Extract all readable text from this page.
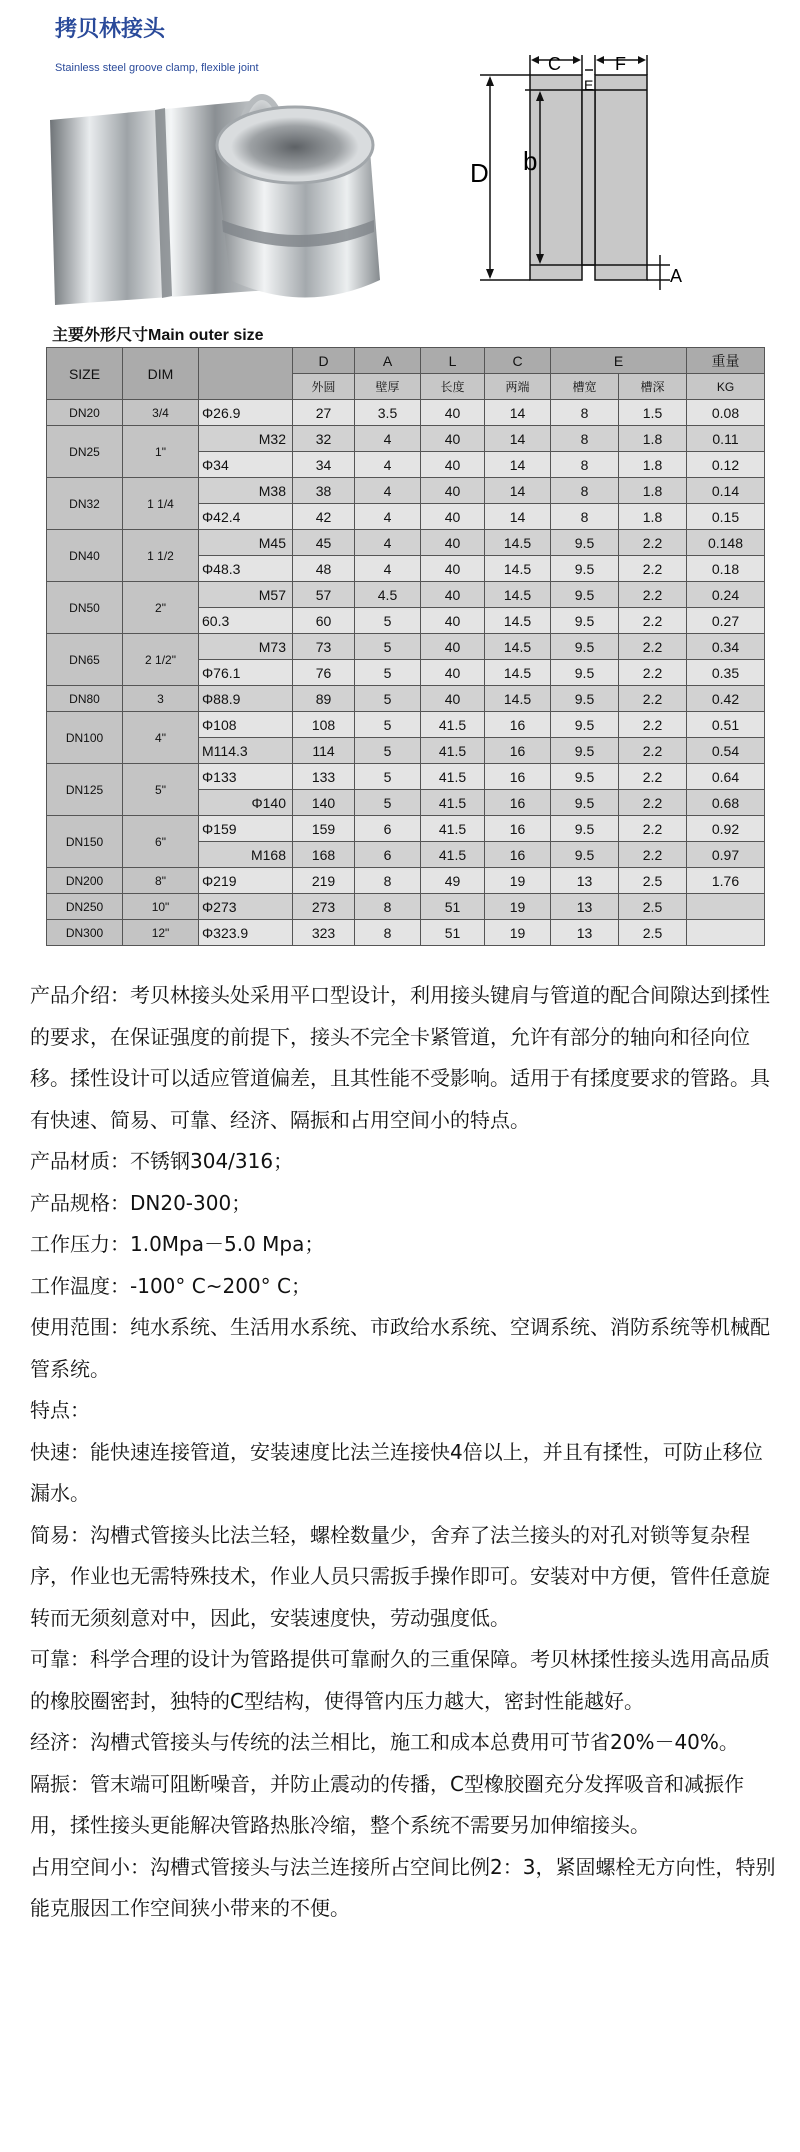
拷贝林接头
Stainless steel groove clamp, flexible joint
D b
C
E
F
A
主要外形尺寸Main outer size
SIZE	DIM		D	A	L	C	E		重量
			外圆	壁厚	长度	两端	槽宽	槽深	KG
DN20	3/4	Φ26.9	27	3.5	40	14	8	1.5	0.08
DN25	1"	M32	32	4	40	14	8	1.8	0.11
		Φ34	34	4	40	14	8	1.8	0.12
DN32	1 1/4	M38	38	4	40	14	8	1.8	0.14
		Φ42.4	42	4	40	14	8	1.8	0.15
DN40	1 1/2	M45	45	4	40	14.5	9.5	2.2	0.148
		Φ48.3	48	4	40	14.5	9.5	2.2	0.18
DN50	2"	M57	57	4.5	40	14.5	9.5	2.2	0.24
		60.3	60	5	40	14.5	9.5	2.2	0.27
DN65	2 1/2"	M73	73	5	40	14.5	9.5	2.2	0.34
		Φ76.1	76	5	40	14.5	9.5	2.2	0.35
DN80	3	Φ88.9	89	5	40	14.5	9.5	2.2	0.42
DN100	4"	Φ108	108	5	41.5	16	9.5	2.2	0.51
		M114.3	114	5	41.5	16	9.5	2.2	0.54
DN125	5"	Φ133	133	5	41.5	16	9.5	2.2	0.64
		Φ140	140	5	41.5	16	9.5	2.2	0.68
DN150	6"	Φ159	159	6	41.5	16	9.5	2.2	0.92
		M168	168	6	41.5	16	9.5	2.2	0.97
DN200	8"	Φ219	219	8	49	19	13	2.5	1.76
DN250	10"	Φ273	273	8	51	19	13	2.5	
DN300	12"	Φ323.9	323	8	51	19	13	2.5	

产品介绍：考贝林接头处采用平口型设计，利用接头键肩与管道的配合间隙达到揉性的要求，在保证强度的前提下，接头不完全卡紧管道，允许有部分的轴向和径向位移。揉性设计可以适应管道偏差，且其性能不受影响。适用于有揉度要求的管路。具有快速、简易、可靠、经济、隔振和占用空间小的特点。

产品材质：不锈钢304/316；

产品规格：DN20-300；

工作压力：1.0Mpa－5.0 Mpa；

工作温度：-100° C~200° C；

使用范围：纯水系统、生活用水系统、市政给水系统、空调系统、消防系统等机械配管系统。

特点：

快速：能快速连接管道，安装速度比法兰连接快4倍以上，并且有揉性，可防止移位漏水。

简易：沟槽式管接头比法兰轻，螺栓数量少，舍弃了法兰接头的对孔对锁等复杂程序，作业也无需特殊技术，作业人员只需扳手操作即可。安装对中方便，管件任意旋转而无须刻意对中，因此，安装速度快，劳动强度低。

可靠：科学合理的设计为管路提供可靠耐久的三重保障。考贝林揉性接头选用高品质的橡胶圈密封，独特的C型结构，使得管内压力越大，密封性能越好。

经济：沟槽式管接头与传统的法兰相比，施工和成本总费用可节省20%－40%。

隔振：管末端可阻断噪音，并防止震动的传播，C型橡胶圈充分发挥吸音和减振作用，揉性接头更能解决管路热胀冷缩，整个系统不需要另加伸缩接头。

占用空间小：沟槽式管接头与法兰连接所占空间比例2：3，紧固螺栓无方向性，特别能克服因工作空间狭小带来的不便。
